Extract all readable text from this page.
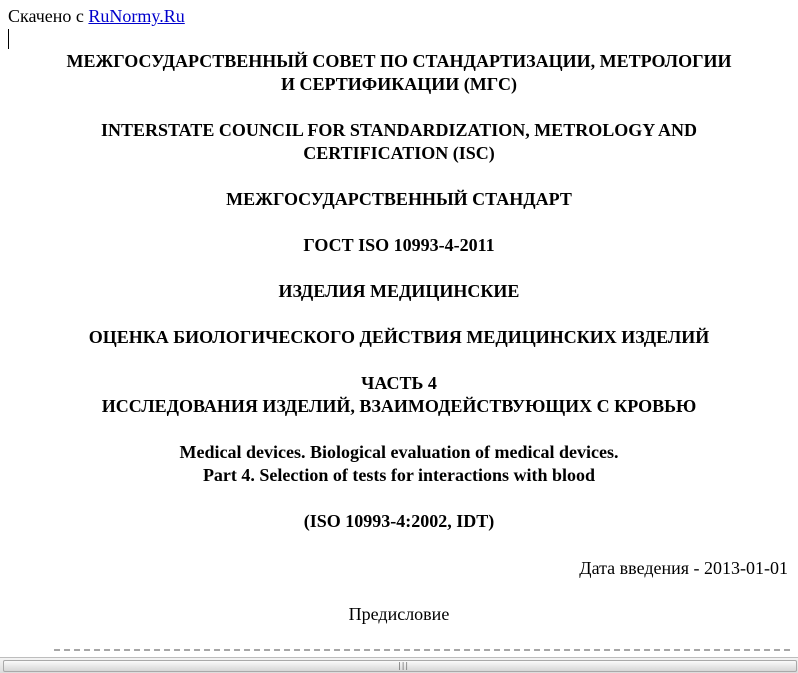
Скачено с RuNormy.Ru
МЕЖГОСУДАРСТВЕННЫЙ СОВЕТ ПО СТАНДАРТИЗАЦИИ, МЕТРОЛОГИИ
И СЕРТИФИКАЦИИ (МГС)
INTERSTATE COUNCIL FOR STANDARDIZATION, METROLOGY AND
CERTIFICATION (ISC)
МЕЖГОСУДАРСТВЕННЫЙ СТАНДАРТ
ГОСТ ISO 10993-4-2011
ИЗДЕЛИЯ МЕДИЦИНСКИЕ
ОЦЕНКА БИОЛОГИЧЕСКОГО ДЕЙСТВИЯ МЕДИЦИНСКИХ ИЗДЕЛИЙ
ЧАСТЬ 4
ИССЛЕДОВАНИЯ ИЗДЕЛИЙ, ВЗАИМОДЕЙСТВУЮЩИХ С КРОВЬЮ
Medical devices. Biological evaluation of medical devices.
Part 4. Selection of tests for interactions with blood
(ISO 10993-4:2002, IDT)
Дата введения - 2013-01-01
Предисловие
|||
